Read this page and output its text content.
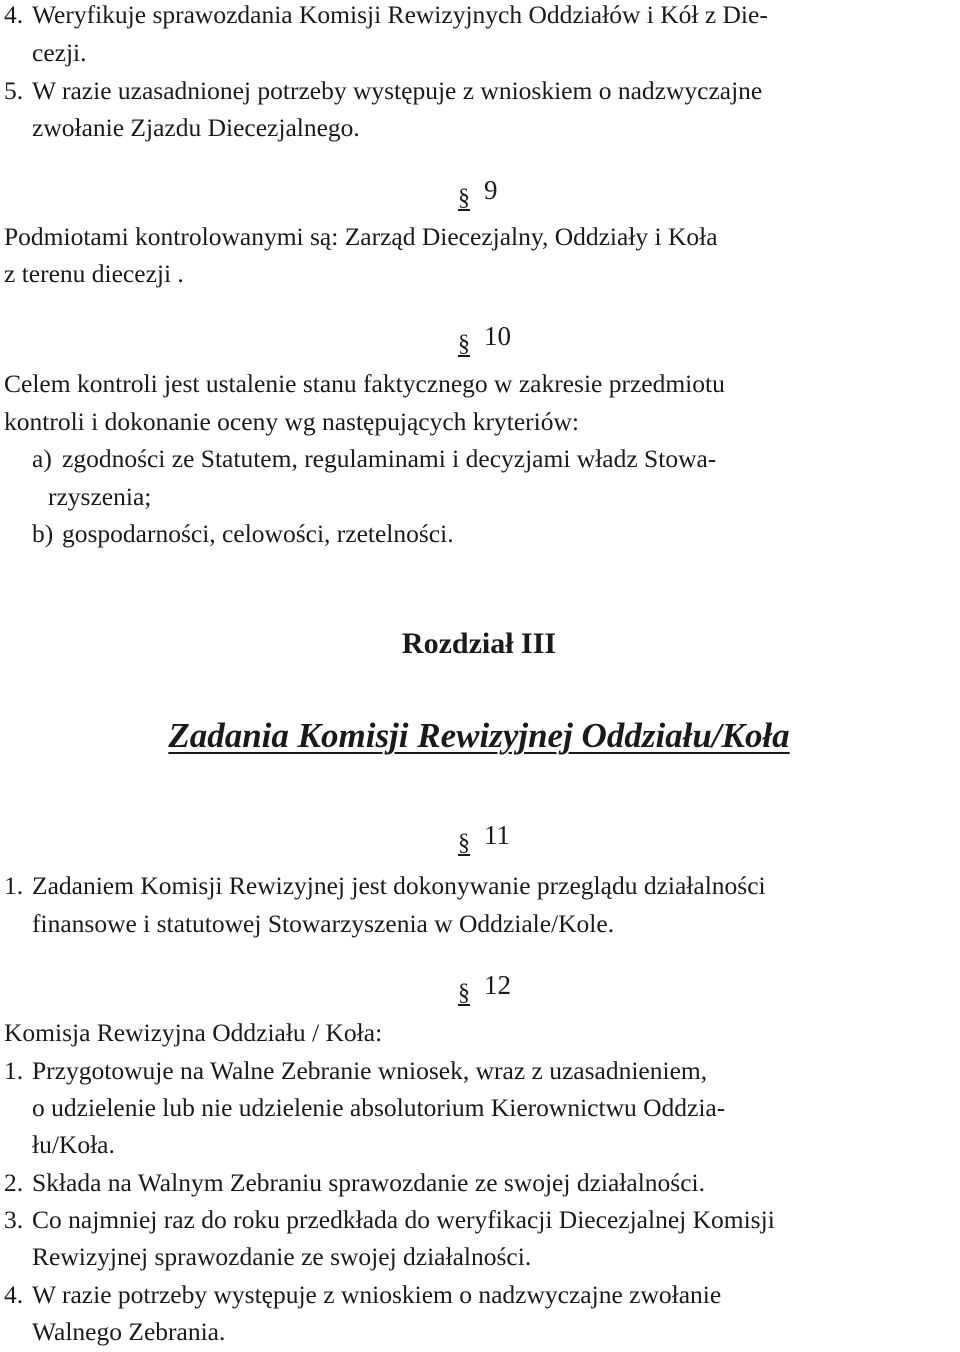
4. Weryfikuje sprawozdania Komisji Rewizyjnych Oddziałów i Kół z Die-
cezji.
5. W razie uzasadnionej potrzeby występuje z wnioskiem o nadzwyczajne
zwołanie Zjazdu Diecezjalnego.
§ 9
Podmiotami kontrolowanymi są: Zarząd Diecezjalny, Oddziały i Koła
z terenu diecezji .
§ 10
Celem kontroli jest ustalenie stanu faktycznego w zakresie przedmiotu
kontroli i dokonanie oceny wg następujących kryteriów:
a) zgodności ze Statutem, regulaminami i decyzjami władz Stowa-
rzyszenia;
b) gospodarności, celowości, rzetelności.
Rozdział III
Zadania Komisji Rewizyjnej Oddziału/Koła
§ 11
1. Zadaniem Komisji Rewizyjnej jest dokonywanie przeglądu działalności
finansowe i statutowej Stowarzyszenia w Oddziale/Kole.
§ 12
Komisja Rewizyjna Oddziału / Koła:
1. Przygotowuje na Walne Zebranie wniosek, wraz z uzasadnieniem,
o udzielenie lub nie udzielenie absolutorium Kierownictwu Oddzia-
łu/Koła.
2. Składa na Walnym Zebraniu sprawozdanie ze swojej działalności.
3. Co najmniej raz do roku przedkłada do weryfikacji Diecezjalnej Komisji
Rewizyjnej sprawozdanie ze swojej działalności.
4. W razie potrzeby występuje z wnioskiem o nadzwyczajne zwołanie
Walnego Zebrania.
